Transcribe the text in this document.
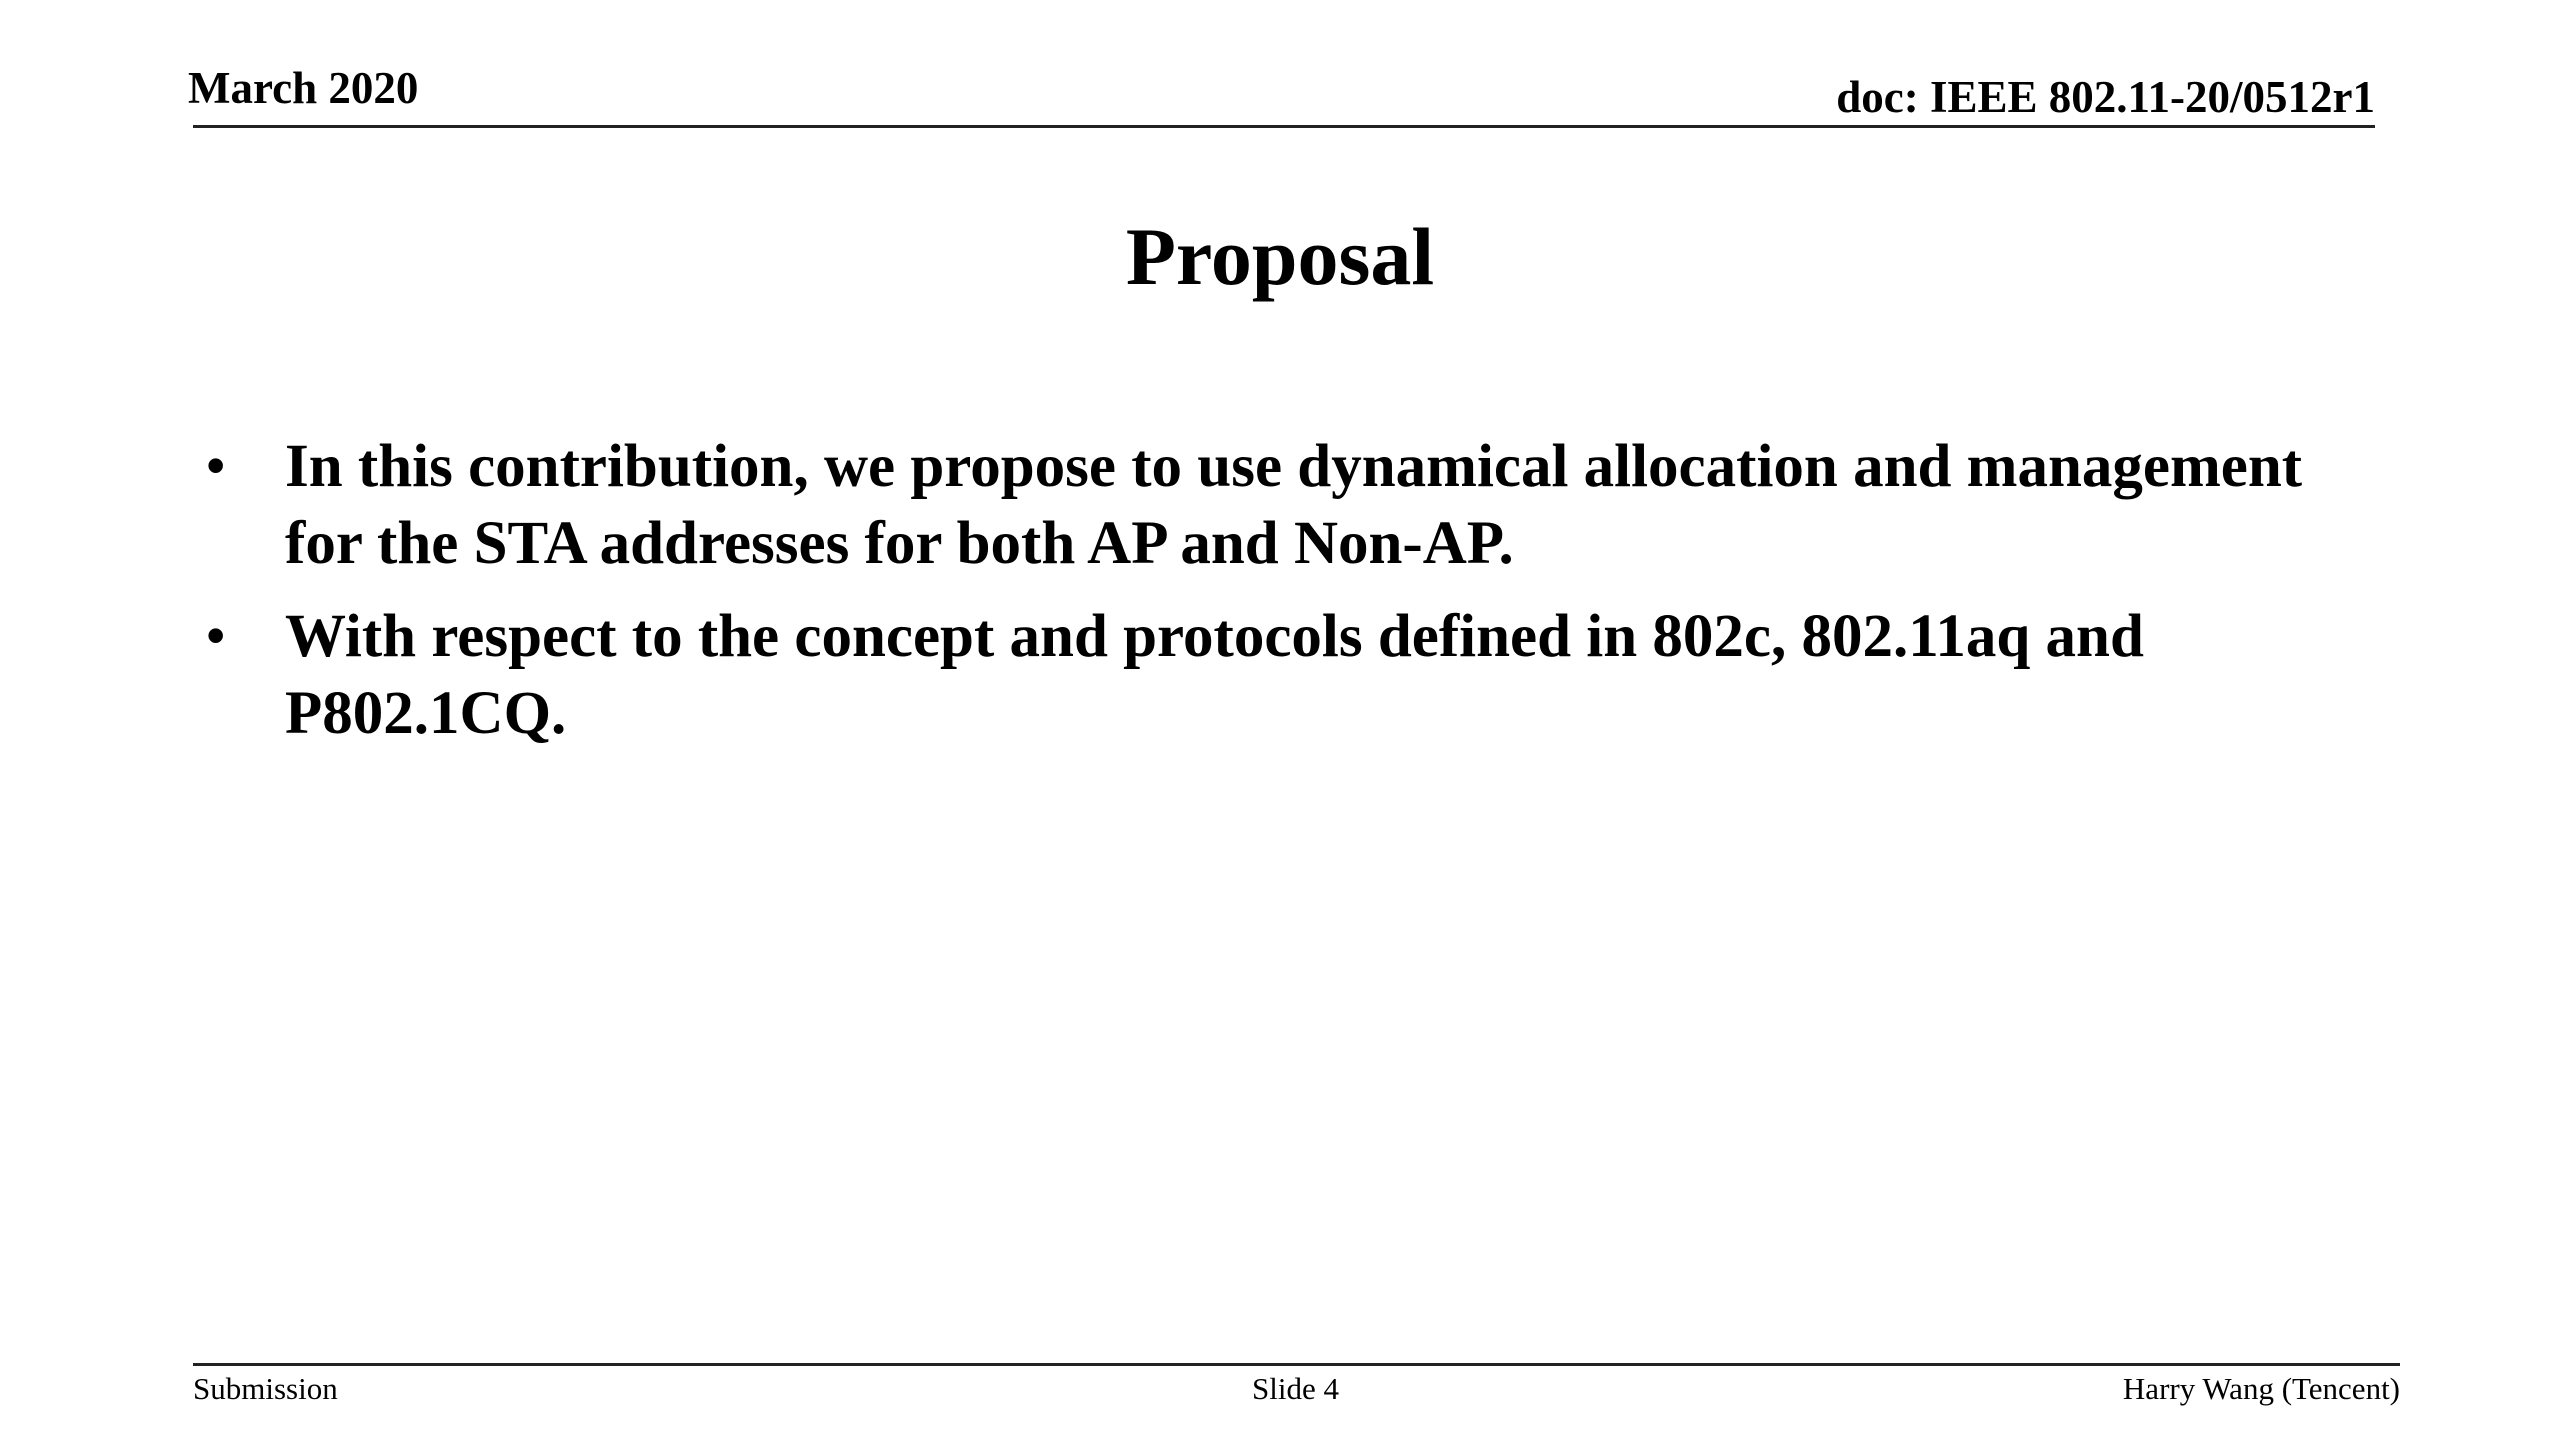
March 2020	doc: IEEE 802.11-20/0512r1
Proposal
• In this contribution, we propose to use dynamical allocation and management for the STA addresses for both AP and Non-AP.
• With respect to the concept and protocols defined in 802c, 802.11aq and P802.1CQ.
Submission	Slide 4	Harry Wang (Tencent)
